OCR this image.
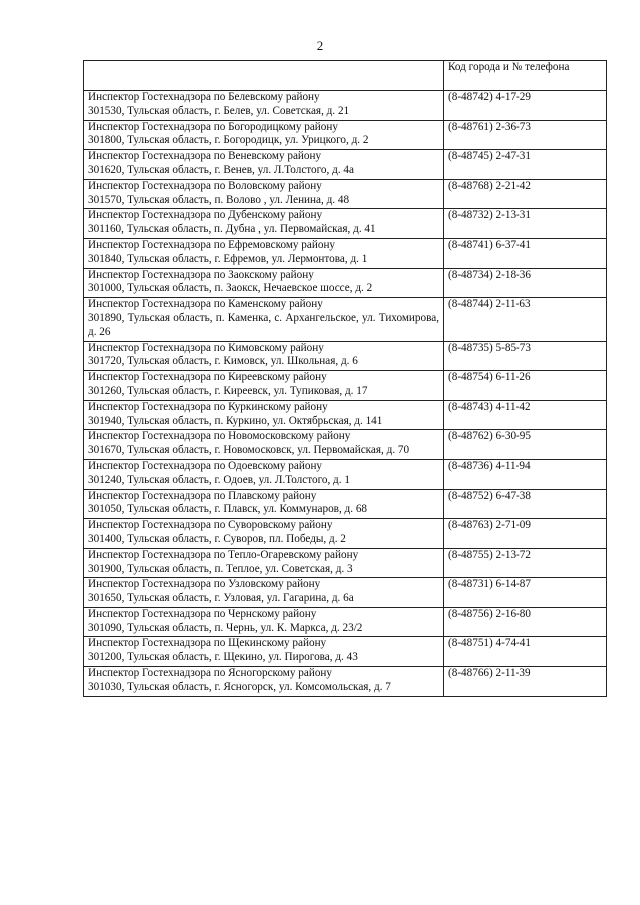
2
	Код города и № телефона

Инспектор Гостехнадзора по Белевскому району
301530, Тульская область, г. Белев, ул. Советская, д. 21	(8-48742) 4-17-29

Инспектор Гостехнадзора по Богородицкому району
301800, Тульская область, г. Богородицк, ул. Урицкого, д. 2	(8-48761) 2-36-73

Инспектор Гостехнадзора по Веневскому району
301620, Тульская область, г. Венев, ул. Л.Толстого, д. 4а	(8-48745) 2-47-31

Инспектор Гостехнадзора по Воловскому району
301570, Тульская область, п. Волово , ул. Ленина, д. 48	(8-48768) 2-21-42

Инспектор Гостехнадзора по Дубенскому району
301160, Тульская область, п. Дубна , ул. Первомайская, д. 41	(8-48732) 2-13-31

Инспектор Гостехнадзора по Ефремовскому району
301840, Тульская область, г. Ефремов, ул. Лермонтова, д. 1	(8-48741) 6-37-41

Инспектор Гостехнадзора по Заокскому району
301000, Тульская область, п. Заокск, Нечаевское шоссе, д. 2	(8-48734) 2-18-36

Инспектор Гостехнадзора по Каменскому району
301890, Тульская область, п. Каменка, с. Архангельское, ул. Тихомирова, д. 26	(8-48744) 2-11-63

Инспектор Гостехнадзора по Кимовскому району
301720, Тульская область, г. Кимовск, ул. Школьная, д. 6	(8-48735) 5-85-73

Инспектор Гостехнадзора по Киреевскому району
301260, Тульская область, г. Киреевск, ул. Тупиковая, д. 17	(8-48754) 6-11-26

Инспектор Гостехнадзора по Куркинскому району
301940, Тульская область, п. Куркино, ул. Октябрьская, д. 141	(8-48743) 4-11-42

Инспектор Гостехнадзора по Новомосковскому району
301670, Тульская область, г. Новомосковск, ул. Первомайская, д. 70	(8-48762) 6-30-95

Инспектор Гостехнадзора по Одоевскому району
301240, Тульская область, г. Одоев, ул. Л.Толстого, д. 1	(8-48736) 4-11-94

Инспектор Гостехнадзора по Плавскому району
301050, Тульская область, г. Плавск, ул. Коммунаров, д. 68	(8-48752) 6-47-38

Инспектор Гостехнадзора по Суворовскому району
301400, Тульская область, г. Суворов, пл. Победы, д. 2	(8-48763) 2-71-09

Инспектор Гостехнадзора по Тепло-Огаревскому району
301900, Тульская область, п. Теплое, ул. Советская, д. 3	(8-48755) 2-13-72

Инспектор Гостехнадзора по Узловскому району
301650, Тульская область, г. Узловая, ул. Гагарина, д. 6а	(8-48731) 6-14-87

Инспектор Гостехнадзора по Чернскому району
301090, Тульская область, п. Чернь, ул. К. Маркса, д. 23/2	(8-48756) 2-16-80

Инспектор Гостехнадзора по Щекинскому району
301200, Тульская область, г. Щекино, ул. Пирогова, д. 43	(8-48751) 4-74-41

Инспектор Гостехнадзора по Ясногорскому району
301030, Тульская область, г. Ясногорск, ул. Комсомольская, д. 7	(8-48766) 2-11-39
